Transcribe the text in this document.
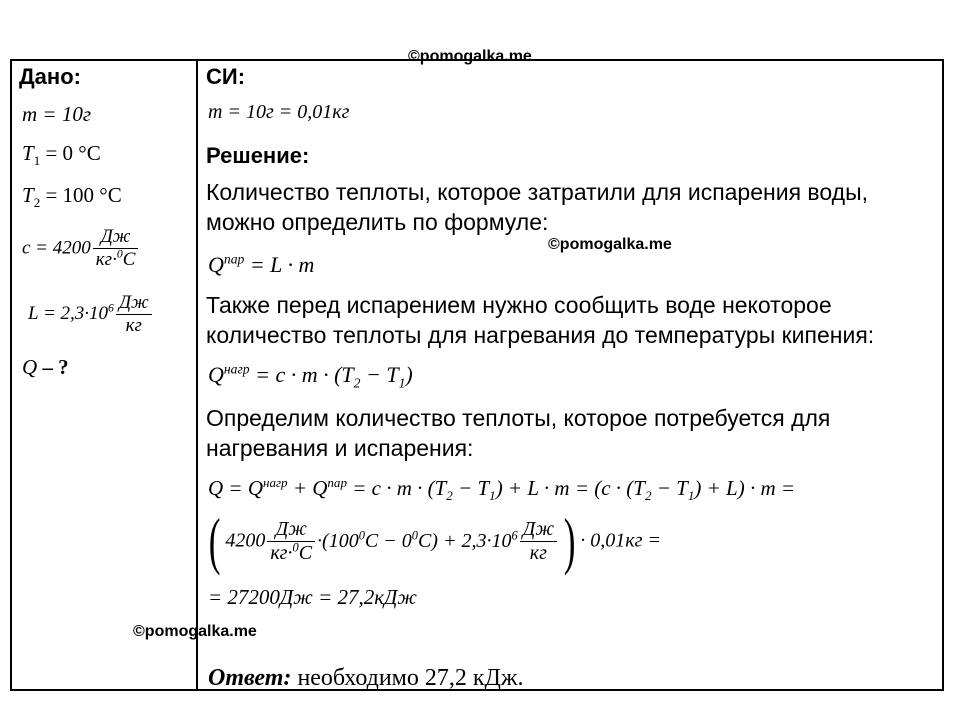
©pomogalka.me
©pomogalka.me
©pomogalka.me
Дано:
m = 10г
$T_1 = 0$ °C
$T_2 = 100$ °C
$c = 4200 \frac{Дж}{кг\cdot^0C}$
$L = 2,3\cdot 10^6 \frac{Дж}{кг}$
Q – ?
СИ:
m = 10г = 0,01кг
Решение:
Количество теплоты, которое затратили для испарения воды, можно определить по формуле:
$Q^{пар} = L \cdot m$
Также перед испарением нужно сообщить воде некоторое количество теплоты для нагревания до температуры кипения:
$Q^{нагр} = c \cdot m \cdot (T_2 - T_1)$
Определим количество теплоты, которое потребуется для нагревания и испарения:
$Q = Q^{нагр} + Q^{пар} = c \cdot m \cdot (T_2 - T_1) + L \cdot m = (c \cdot (T_2 - T_1) + L) \cdot m$ =
( $4200 \frac{Дж}{кг\cdot^0C} \cdot(100^0C - 0^0C) + 2,3\cdot 10^6 \frac{Дж}{кг}$ ) · 0,01кг =
= 27200Дж = 27,2кДж
Ответ: необходимо 27,2 кДж.
